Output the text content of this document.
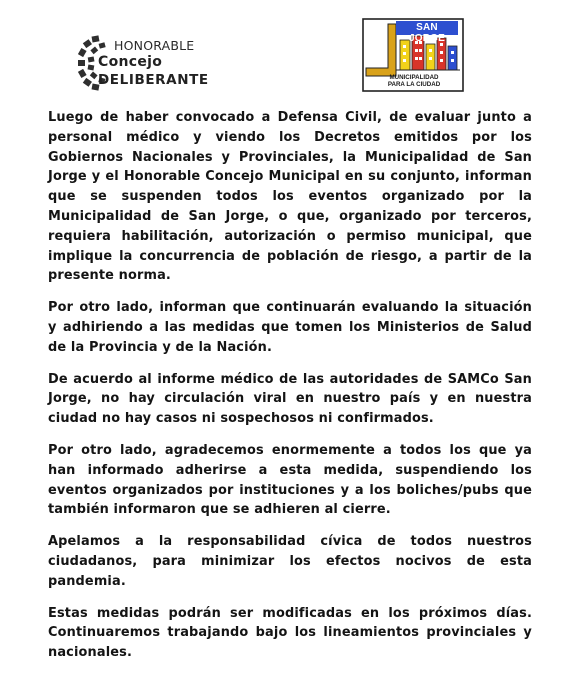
HONORABLE
Concejo
DELIBERANTE
SAN JORGE
MUNICIPALIDAD
PARA LA CIUDAD

Luego de haber convocado a Defensa Civil, de evaluar junto a personal médico y viendo los Decretos emitidos por los Gobiernos Nacionales y Provinciales, la Municipalidad de San Jorge y el Honorable Concejo Municipal en su conjunto, informan que se suspenden todos los eventos organizado por la Municipalidad de San Jorge, o que, organizado por terceros, requiera habilitación, autorización o permiso municipal, que implique la concurrencia de población de riesgo, a partir de la presente norma.

Por otro lado, informan que continuarán evaluando la situación y adhiriendo a las medidas que tomen los Ministerios de Salud de la Provincia y de la Nación.

De acuerdo al informe médico de las autoridades de SAMCo San Jorge, no hay circulación viral en nuestro país y en nuestra ciudad no hay casos ni sospechosos ni confirmados.

Por otro lado, agradecemos enormemente a todos los que ya han informado adherirse a esta medida, suspendiendo los eventos organizados por instituciones y a los boliches/pubs que también informaron que se adhieren al cierre.

Apelamos a la responsabilidad cívica de todos nuestros ciudadanos, para minimizar los efectos nocivos de esta pandemia.

Estas medidas podrán ser modificadas en los próximos días. Continuaremos trabajando bajo los lineamientos provinciales y nacionales.
